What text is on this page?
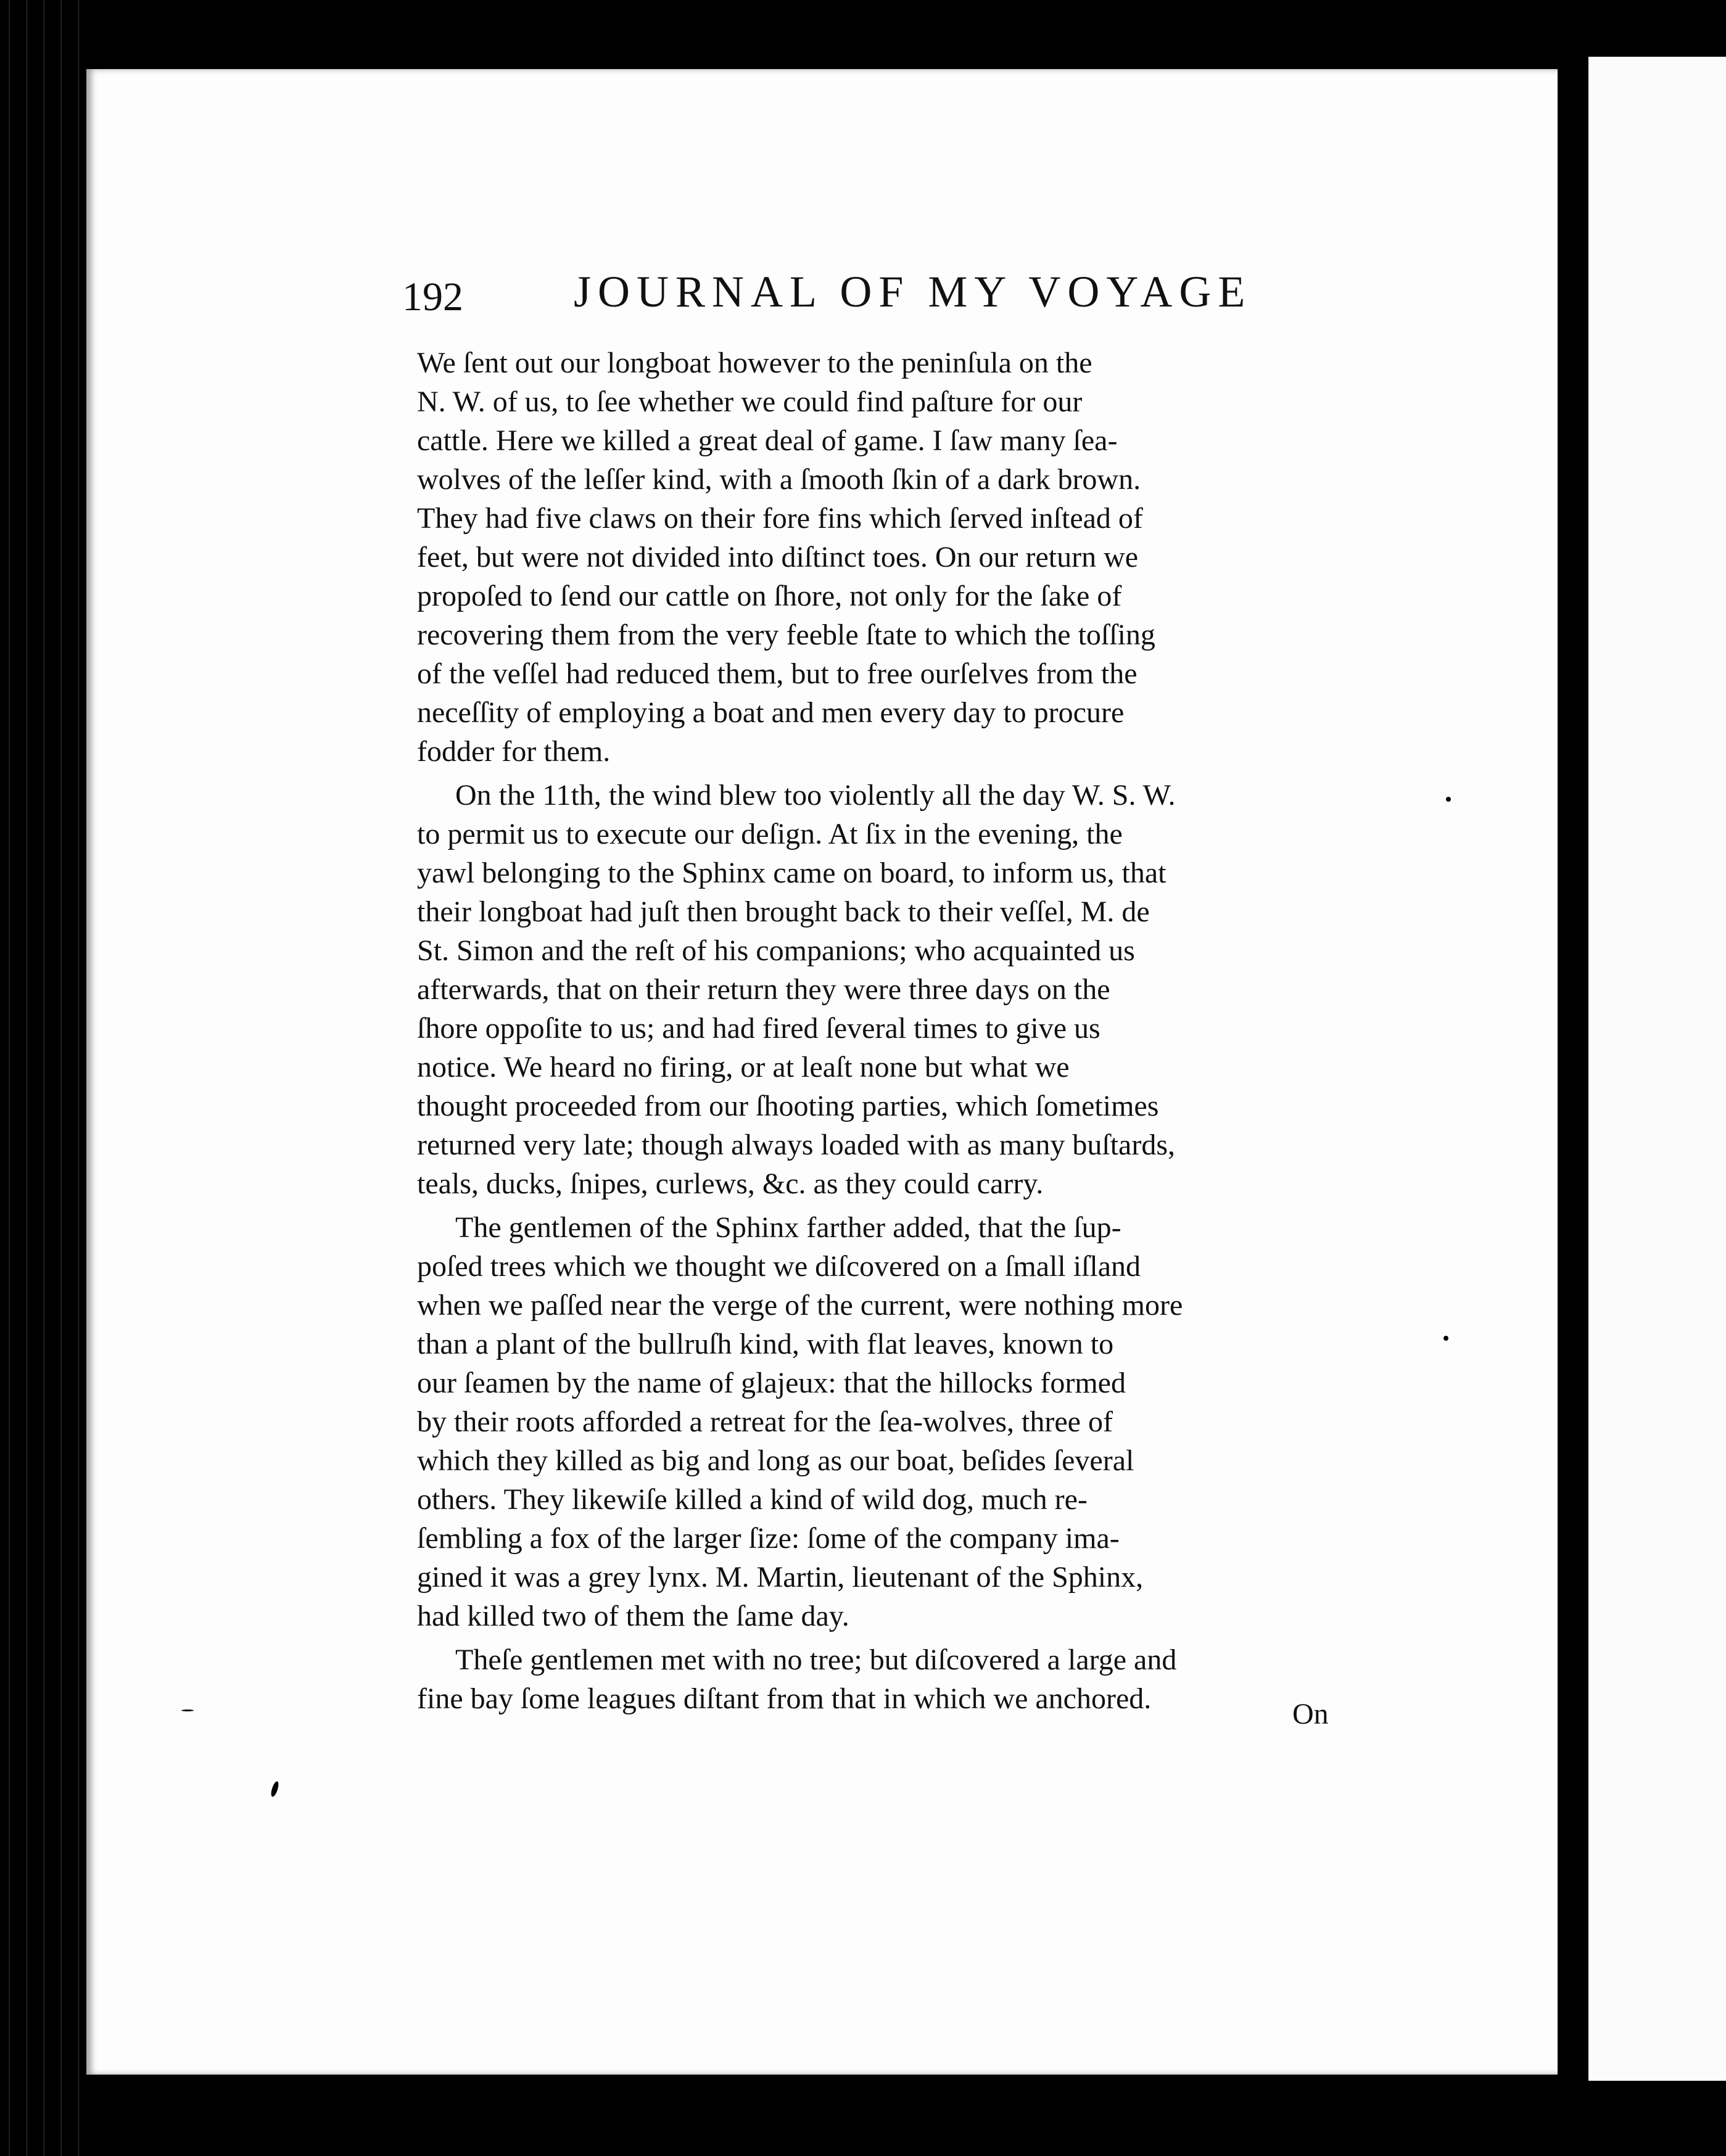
192 JOURNAL OF MY VOYAGE

We ſent out our longboat however to the peninſula on the

N. W. of us, to ſee whether we could find paſture for our

cattle. Here we killed a great deal of game. I ſaw many ſea-

wolves of the leſſer kind, with a ſmooth ſkin of a dark brown.

They had five claws on their fore fins which ſerved inſtead of

feet, but were not divided into diſtinct toes. On our return we

propoſed to ſend our cattle on ſhore, not only for the ſake of

recovering them from the very feeble ſtate to which the toſſing

of the veſſel had reduced them, but to free ourſelves from the

neceſſity of employing a boat and men every day to procure

fodder for them.

On the 11th, the wind blew too violently all the day W. S. W.

to permit us to execute our deſign. At ſix in the evening, the

yawl belonging to the Sphinx came on board, to inform us, that

their longboat had juſt then brought back to their veſſel, M. de

St. Simon and the reſt of his companions; who acquainted us

afterwards, that on their return they were three days on the

ſhore oppoſite to us; and had fired ſeveral times to give us

notice. We heard no firing, or at leaſt none but what we

thought proceeded from our ſhooting parties, which ſometimes

returned very late; though always loaded with as many buſtards,

teals, ducks, ſnipes, curlews, &c. as they could carry.

The gentlemen of the Sphinx farther added, that the ſup-

poſed trees which we thought we diſcovered on a ſmall iſland

when we paſſed near the verge of the current, were nothing more

than a plant of the bullruſh kind, with flat leaves, known to

our ſeamen by the name of glajeux: that the hillocks formed

by their roots afforded a retreat for the ſea-wolves, three of

which they killed as big and long as our boat, beſides ſeveral

others. They likewiſe killed a kind of wild dog, much re-

ſembling a fox of the larger ſize: ſome of the company ima-

gined it was a grey lynx. M. Martin, lieutenant of the Sphinx,

had killed two of them the ſame day.

Theſe gentlemen met with no tree; but diſcovered a large and

fine bay ſome leagues diſtant from that in which we anchored.	On
